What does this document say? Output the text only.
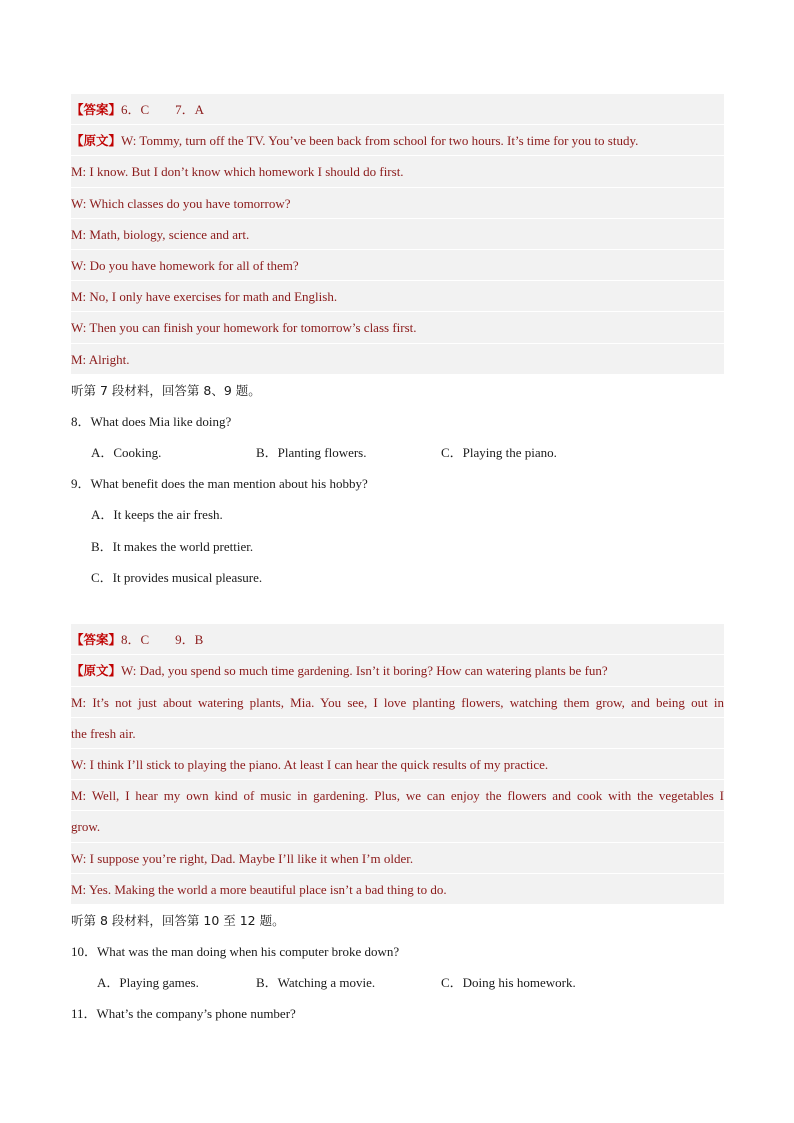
【答案】6．C        7．A
【原文】W: Tommy, turn off the TV. You’ve been back from school for two hours. It’s time for you to study.
M: I know. But I don’t know which homework I should do first.
W: Which classes do you have tomorrow?
M: Math, biology, science and art.
W: Do you have homework for all of them?
M: No, I only have exercises for math and English.
W: Then you can finish your homework for tomorrow’s class first.
M: Alright.
听第 7 段材料，回答第 8、9 题。
8．What does Mia like doing?
A．Cooking.	B．Planting flowers.	C．Playing the piano.
9．What benefit does the man mention about his hobby?
A．It keeps the air fresh.
B．It makes the world prettier.
C．It provides musical pleasure.
【答案】8．C        9．B
【原文】W: Dad, you spend so much time gardening. Isn’t it boring? How can watering plants be fun?
M: It’s not just about watering plants, Mia. You see, I love planting flowers, watching them grow, and being out in
the fresh air.
W: I think I’ll stick to playing the piano. At least I can hear the quick results of my practice.
M: Well, I hear my own kind of music in gardening. Plus, we can enjoy the flowers and cook with the vegetables I
grow.
W: I suppose you’re right, Dad. Maybe I’ll like it when I’m older.
M: Yes. Making the world a more beautiful place isn’t a bad thing to do.
听第 8 段材料，回答第 10 至 12 题。
10．What was the man doing when his computer broke down?
A．Playing games.	B．Watching a movie.	C．Doing his homework.
11．What’s the company’s phone number?
